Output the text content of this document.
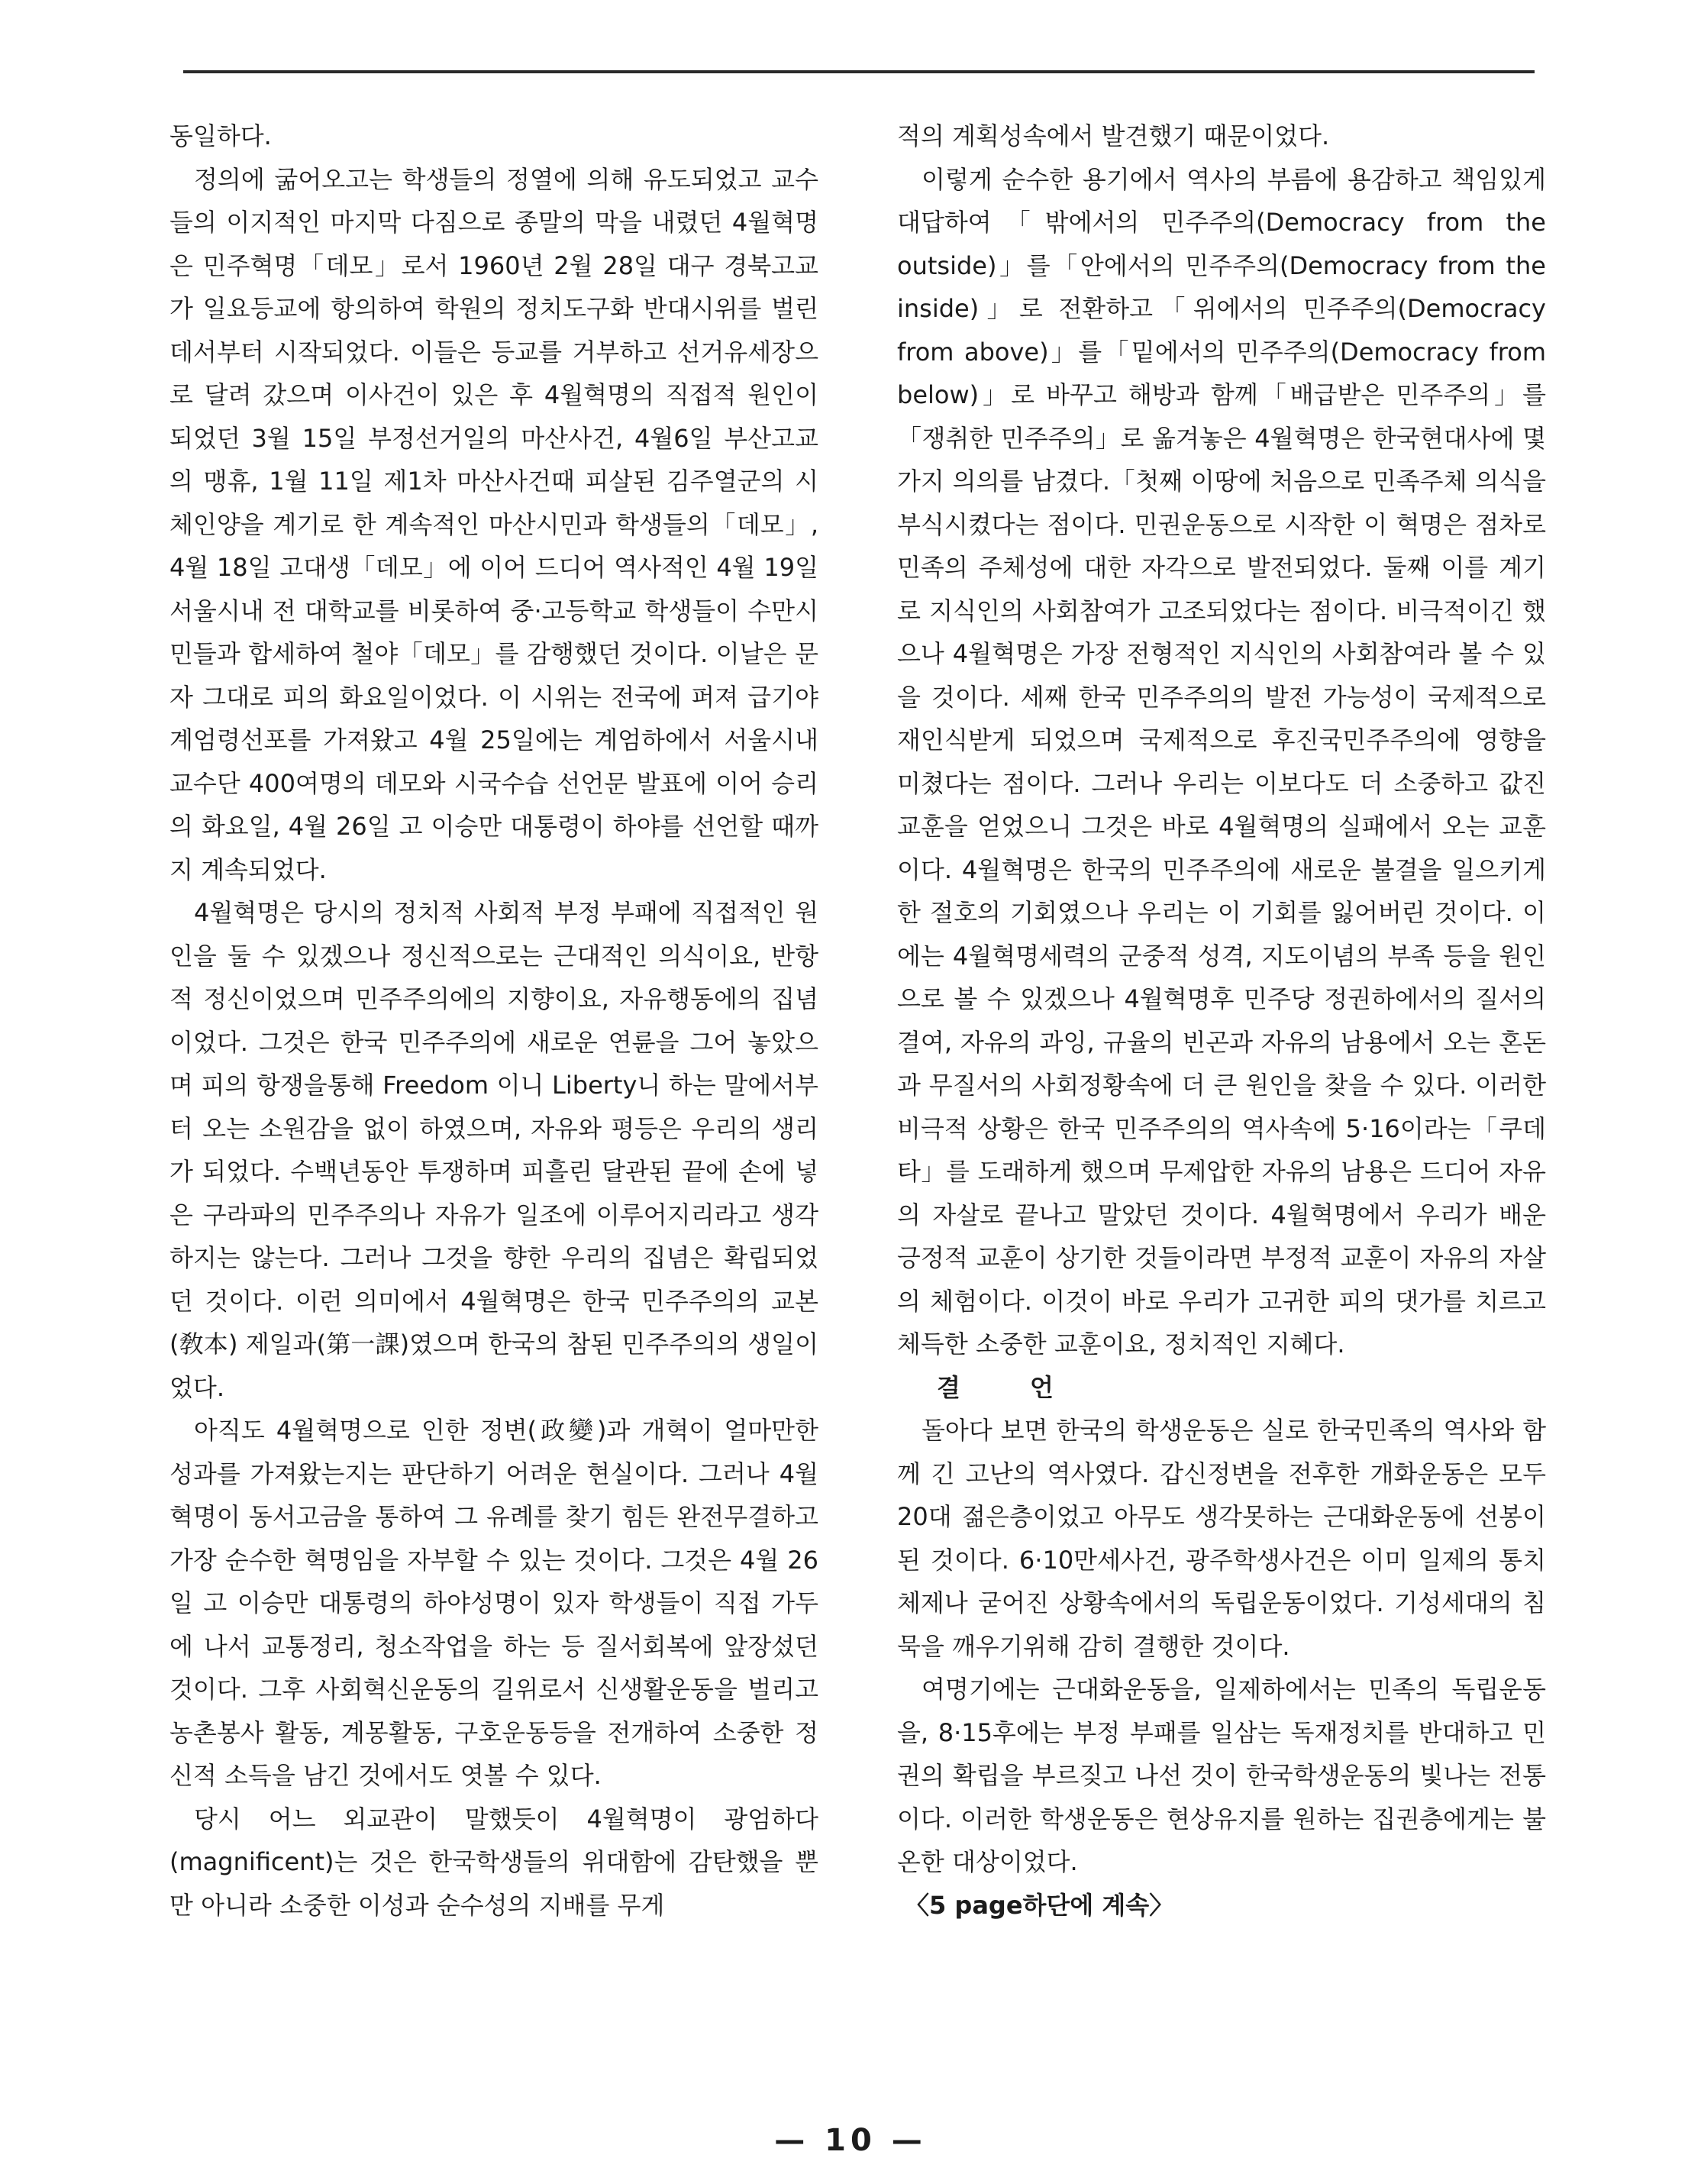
동일하다.

정의에 굶어오고는 학생들의 정열에 의해 유도되었고 교수들의 이지적인 마지막 다짐으로 종말의 막을 내렸던 4월혁명은 민주혁명「데모」로서 1960년 2월 28일 대구 경북고교가 일요등교에 항의하여 학원의 정치도구화 반대시위를 벌린데서부터 시작되었다. 이들은 등교를 거부하고 선거유세장으로 달려 갔으며 이사건이 있은 후 4월혁명의 직접적 원인이 되었던 3월 15일 부정선거일의 마산사건, 4월6일 부산고교의 맹휴, 1월 11일 제1차 마산사건때 피살된 김주열군의 시체인양을 계기로 한 계속적인 마산시민과 학생들의「데모」, 4월 18일 고대생「데모」에 이어 드디어 역사적인 4월 19일 서울시내 전 대학교를 비롯하여 중·고등학교 학생들이 수만시민들과 합세하여 철야「데모」를 감행했던 것이다. 이날은 문자 그대로 피의 화요일이었다. 이 시위는 전국에 퍼져 급기야 계엄령선포를 가져왔고 4월 25일에는 계엄하에서 서울시내 교수단 400여명의 데모와 시국수습 선언문 발표에 이어 승리의 화요일, 4월 26일 고 이승만 대통령이 하야를 선언할 때까지 계속되었다.

4월혁명은 당시의 정치적 사회적 부정 부패에 직접적인 원인을 둘 수 있겠으나 정신적으로는 근대적인 의식이요, 반항적 정신이었으며 민주주의에의 지향이요, 자유행동에의 집념이었다. 그것은 한국 민주주의에 새로운 연륜을 그어 놓았으며 피의 항쟁을통해 Freedom 이니 Liberty니 하는 말에서부터 오는 소원감을 없이 하였으며, 자유와 평등은 우리의 생리가 되었다. 수백년동안 투쟁하며 피흘린 달관된 끝에 손에 넣은 구라파의 민주주의나 자유가 일조에 이루어지리라고 생각하지는 않는다. 그러나 그것을 향한 우리의 집념은 확립되었던 것이다. 이런 의미에서 4월혁명은 한국 민주주의의 교본(敎本) 제일과(第一課)였으며 한국의 참된 민주주의의 생일이었다.

아직도 4월혁명으로 인한 정변(政變)과 개혁이 얼마만한 성과를 가져왔는지는 판단하기 어려운 현실이다. 그러나 4월혁명이 동서고금을 통하여 그 유례를 찾기 힘든 완전무결하고 가장 순수한 혁명임을 자부할 수 있는 것이다. 그것은 4월 26일 고 이승만 대통령의 하야성명이 있자 학생들이 직접 가두에 나서 교통정리, 청소작업을 하는 등 질서회복에 앞장섰던 것이다. 그후 사회혁신운동의 길위로서 신생활운동을 벌리고 농촌봉사 활동, 계몽활동, 구호운동등을 전개하여 소중한 정신적 소득을 남긴 것에서도 엿볼 수 있다.

당시 어느 외교관이 말했듯이 4월혁명이 광엄하다 (magnificent)는 것은 한국학생들의 위대함에 감탄했을 뿐만 아니라 소중한 이성과 순수성의 지배를 무게

적의 계획성속에서 발견했기 때문이었다.

이렇게 순수한 용기에서 역사의 부름에 용감하고 책임있게 대답하여「밖에서의 민주주의(Democracy from the outside)」를「안에서의 민주주의(Democracy from the inside)」로 전환하고「위에서의 민주주의(Democracy from above)」를「밑에서의 민주주의(Democracy from below)」로 바꾸고 해방과 함께「배급받은 민주주의」를「쟁취한 민주주의」로 옮겨놓은 4월혁명은 한국현대사에 몇가지 의의를 남겼다.「첫째 이땅에 처음으로 민족주체 의식을 부식시켰다는 점이다. 민권운동으로 시작한 이 혁명은 점차로 민족의 주체성에 대한 자각으로 발전되었다. 둘째 이를 계기로 지식인의 사회참여가 고조되었다는 점이다. 비극적이긴 했으나 4월혁명은 가장 전형적인 지식인의 사회참여라 볼 수 있을 것이다. 세째 한국 민주주의의 발전 가능성이 국제적으로 재인식받게 되었으며 국제적으로 후진국민주주의에 영향을 미쳤다는 점이다. 그러나 우리는 이보다도 더 소중하고 값진 교훈을 얻었으니 그것은 바로 4월혁명의 실패에서 오는 교훈이다. 4월혁명은 한국의 민주주의에 새로운 불결을 일으키게 한 절호의 기회였으나 우리는 이 기회를 잃어버린 것이다. 이에는 4월혁명세력의 군중적 성격, 지도이념의 부족 등을 원인으로 볼 수 있겠으나 4월혁명후 민주당 정권하에서의 질서의 결여, 자유의 과잉, 규율의 빈곤과 자유의 남용에서 오는 혼돈과 무질서의 사회정황속에 더 큰 원인을 찾을 수 있다. 이러한 비극적 상황은 한국 민주주의의 역사속에 5·16이라는「쿠데타」를 도래하게 했으며 무제압한 자유의 남용은 드디어 자유의 자살로 끝나고 말았던 것이다. 4월혁명에서 우리가 배운 긍정적 교훈이 상기한 것들이라면 부정적 교훈이 자유의 자살의 체험이다. 이것이 바로 우리가 고귀한 피의 댓가를 치르고 체득한 소중한 교훈이요, 정치적인 지혜다.

결 언

돌아다 보면 한국의 학생운동은 실로 한국민족의 역사와 함께 긴 고난의 역사였다. 갑신정변을 전후한 개화운동은 모두 20대 젊은층이었고 아무도 생각못하는 근대화운동에 선봉이 된 것이다. 6·10만세사건, 광주학생사건은 이미 일제의 통치체제나 굳어진 상황속에서의 독립운동이었다. 기성세대의 침묵을 깨우기위해 감히 결행한 것이다.

여명기에는 근대화운동을, 일제하에서는 민족의 독립운동을, 8·15후에는 부정 부패를 일삼는 독재정치를 반대하고 민권의 확립을 부르짖고 나선 것이 한국학생운동의 빛나는 전통이다. 이러한 학생운동은 현상유지를 원하는 집권층에게는 불온한 대상이었다.

〈5 page하단에 계속〉

— 10 —
